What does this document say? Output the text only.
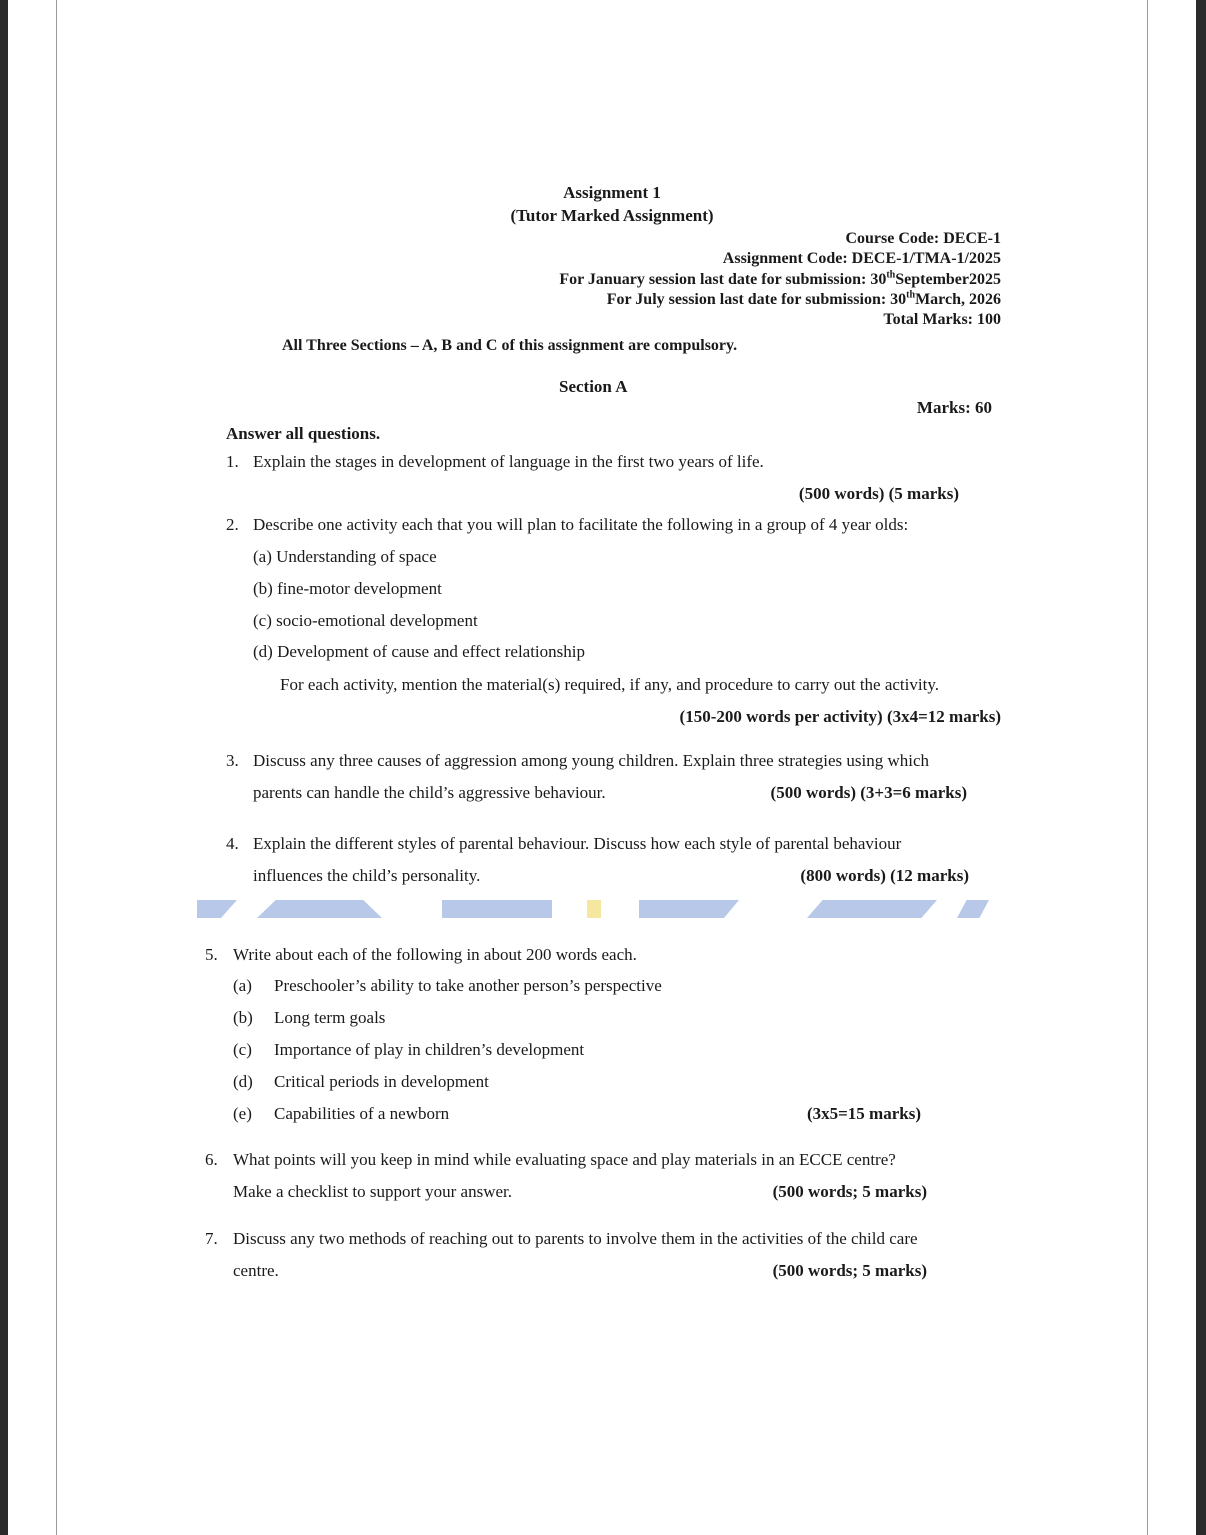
Assignment 1
(Tutor Marked Assignment)
Course Code: DECE-1
Assignment Code: DECE-1/TMA-1/2025
For January session last date for submission: 30thSeptember2025
For July session last date for submission: 30thMarch, 2026
Total Marks: 100
All Three Sections – A, B and C of this assignment are compulsory.
Section A
Marks: 60
Answer all questions.
1. Explain the stages in development of language in the first two years of life.
(500 words) (5 marks)
2. Describe one activity each that you will plan to facilitate the following in a group of 4 year olds:
(a) Understanding of space
(b) fine-motor development
(c) socio-emotional development
(d) Development of cause and effect relationship
For each activity, mention the material(s) required, if any, and procedure to carry out the activity.
(150-200 words per activity) (3x4=12 marks)
3. Discuss any three causes of aggression among young children. Explain three strategies using which
parents can handle the child’s aggressive behaviour.	(500 words) (3+3=6 marks)
4. Explain the different styles of parental behaviour. Discuss how each style of parental behaviour
influences the child’s personality.	(800 words) (12 marks)
5. Write about each of the following in about 200 words each.
(a) Preschooler’s ability to take another person’s perspective
(b) Long term goals
(c) Importance of play in children’s development
(d) Critical periods in development
(e) Capabilities of a newborn	(3x5=15 marks)
6. What points will you keep in mind while evaluating space and play materials in an ECCE centre?
Make a checklist to support your answer.	(500 words; 5 marks)
7. Discuss any two methods of reaching out to parents to involve them in the activities of the child care
centre.	(500 words; 5 marks)
